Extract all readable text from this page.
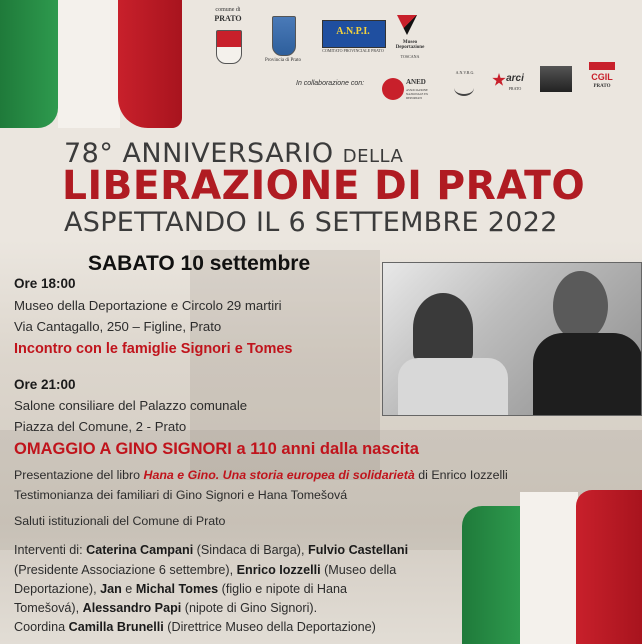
comune di
PRATO
Provincia di Prato
A.N.P.I.
COMITATO PROVINCIALE PRATO
Museo Deportazione
TOSCANA
In collaborazione con:	ANED
ASSOCIAZIONE NAZIONALE EX DEPORTATI
A.N.V.R.G.
arci
PRATO
CGIL
PRATO
78° ANNIVERSARIO DELLA
LIBERAZIONE DI PRATO
ASPETTANDO IL 6 SETTEMBRE 2022
SABATO 10 settembre
Ore 18:00
Museo della Deportazione e Circolo 29 martiri
Via Cantagallo, 250 – Figline, Prato
Incontro con le famiglie Signori e Tomes
Ore 21:00
Salone consiliare del Palazzo comunale
Piazza del Comune, 2 - Prato
OMAGGIO A GINO SIGNORI a 110 anni dalla nascita
Presentazione del libro Hana e Gino. Una storia europea di solidarietà di Enrico Iozzelli
Testimonianza dei familiari di Gino Signori e Hana Tomešová
Saluti istituzionali del Comune di Prato
Interventi di: Caterina Campani (Sindaca di Barga), Fulvio Castellani
(Presidente Associazione 6 settembre), Enrico Iozzelli (Museo della
Deportazione), Jan e Michal Tomes (figlio e nipote di Hana
Tomešová), Alessandro Papi (nipote di Gino Signori).
Coordina Camilla Brunelli (Direttrice Museo della Deportazione)
